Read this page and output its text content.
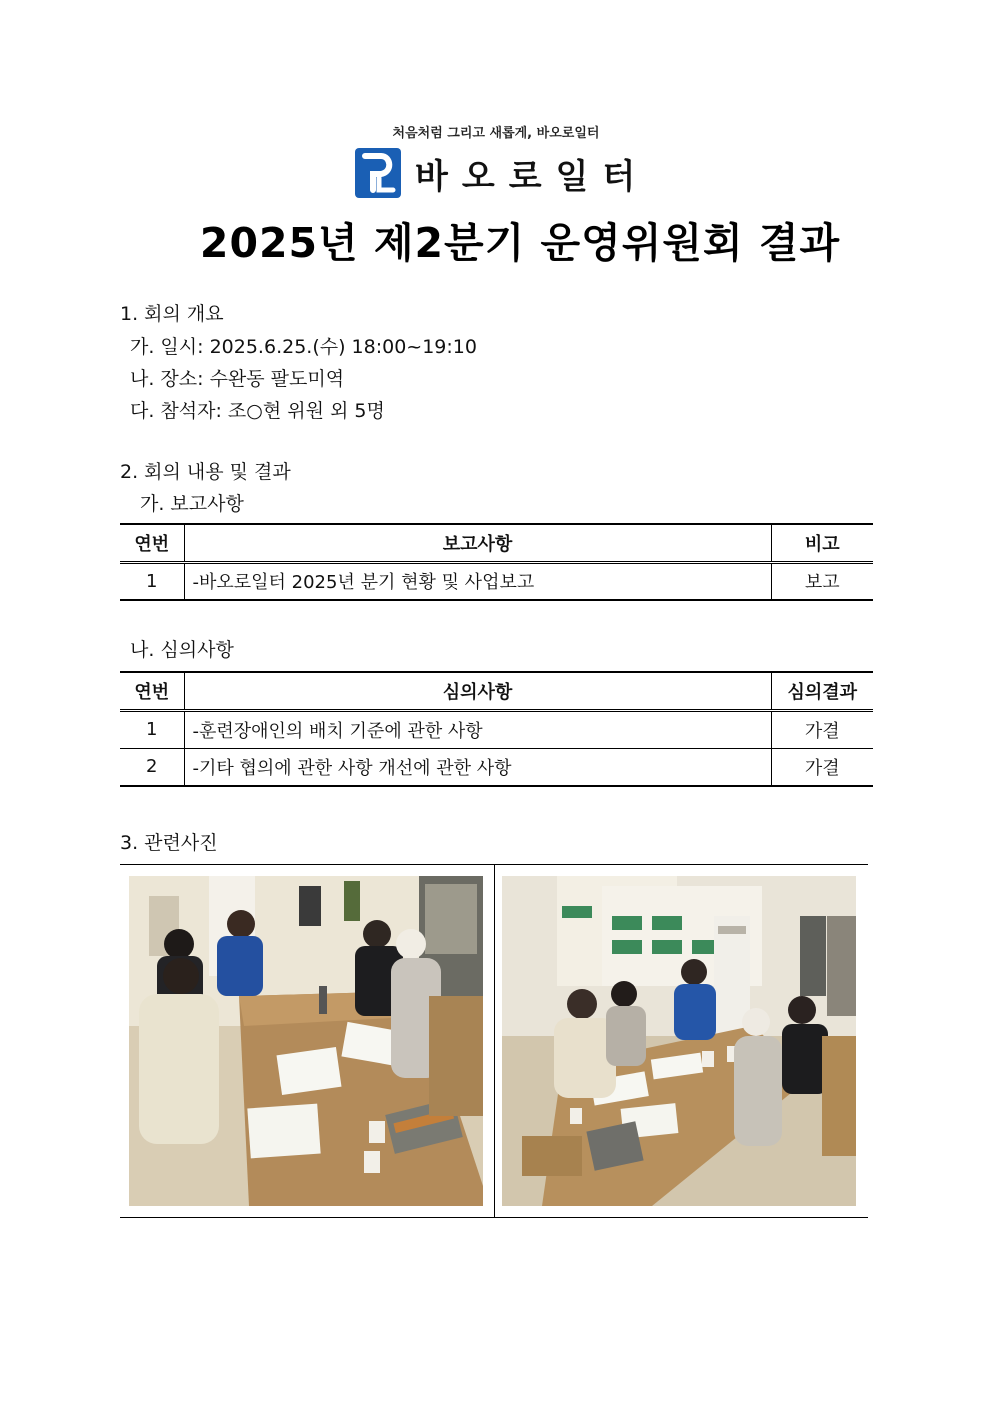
처음처럼 그리고 새롭게, 바오로일터
바오로일터
2025년 제2분기 운영위원회 결과
1. 회의 개요
가. 일시: 2025.6.25.(수) 18:00~19:10
나. 장소: 수완동 팔도미역
다. 참석자: 조○현 위원 외 5명
2. 회의 내용 및 결과
가. 보고사항
연번	보고사항	비고
1	-바오로일터 2025년 분기 현황 및 사업보고	보고
나. 심의사항
연번	심의사항	심의결과
1	-훈련장애인의 배치 기준에 관한 사항	가결
2	-기타 협의에 관한 사항 개선에 관한 사항	가결
3. 관련사진
